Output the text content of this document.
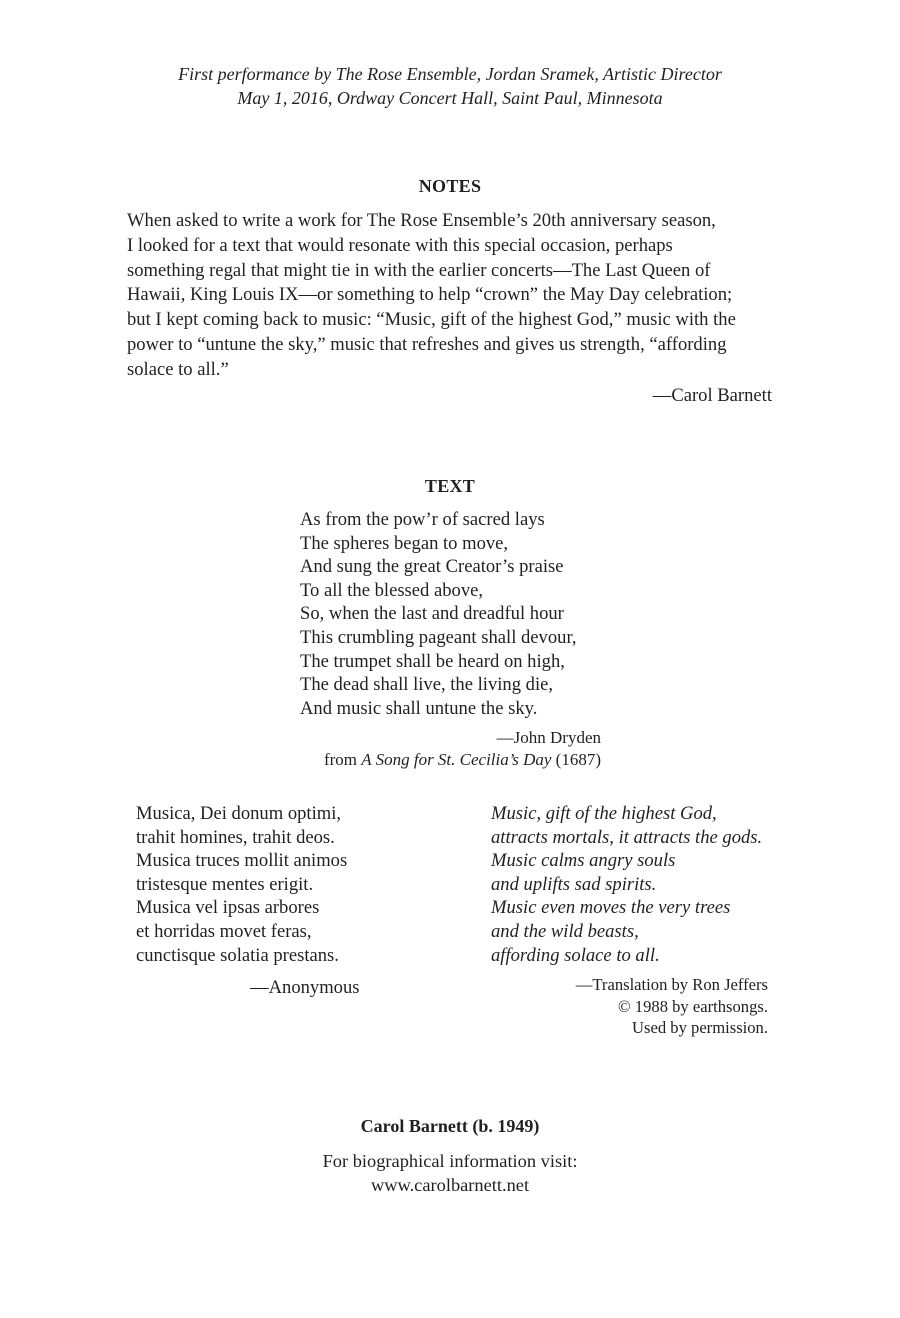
First performance by The Rose Ensemble, Jordan Sramek, Artistic Director
May 1, 2016, Ordway Concert Hall, Saint Paul, Minnesota
NOTES
When asked to write a work for The Rose Ensemble’s 20th anniversary season,
I looked for a text that would resonate with this special occasion, perhaps
something regal that might tie in with the earlier concerts—The Last Queen of
Hawaii, King Louis IX—or something to help “crown” the May Day celebration;
but I kept coming back to music: “Music, gift of the highest God,” music with the
power to “untune the sky,” music that refreshes and gives us strength, “affording
solace to all.”
—Carol Barnett
TEXT
As from the pow’r of sacred lays
The spheres began to move,
And sung the great Creator’s praise
To all the blessed above,
So, when the last and dreadful hour
This crumbling pageant shall devour,
The trumpet shall be heard on high,
The dead shall live, the living die,
And music shall untune the sky.
—John Dryden
from A Song for St. Cecilia’s Day (1687)
Musica, Dei donum optimi,
trahit homines, trahit deos.
Musica truces mollit animos
tristesque mentes erigit.
Musica vel ipsas arbores
et horridas movet feras,
cunctisque solatia prestans.
—Anonymous
Music, gift of the highest God,
attracts mortals, it attracts the gods.
Music calms angry souls
and uplifts sad spirits.
Music even moves the very trees
and the wild beasts,
affording solace to all.
—Translation by Ron Jeffers
© 1988 by earthsongs.
Used by permission.
Carol Barnett (b. 1949)
For biographical information visit:
www.carolbarnett.net
